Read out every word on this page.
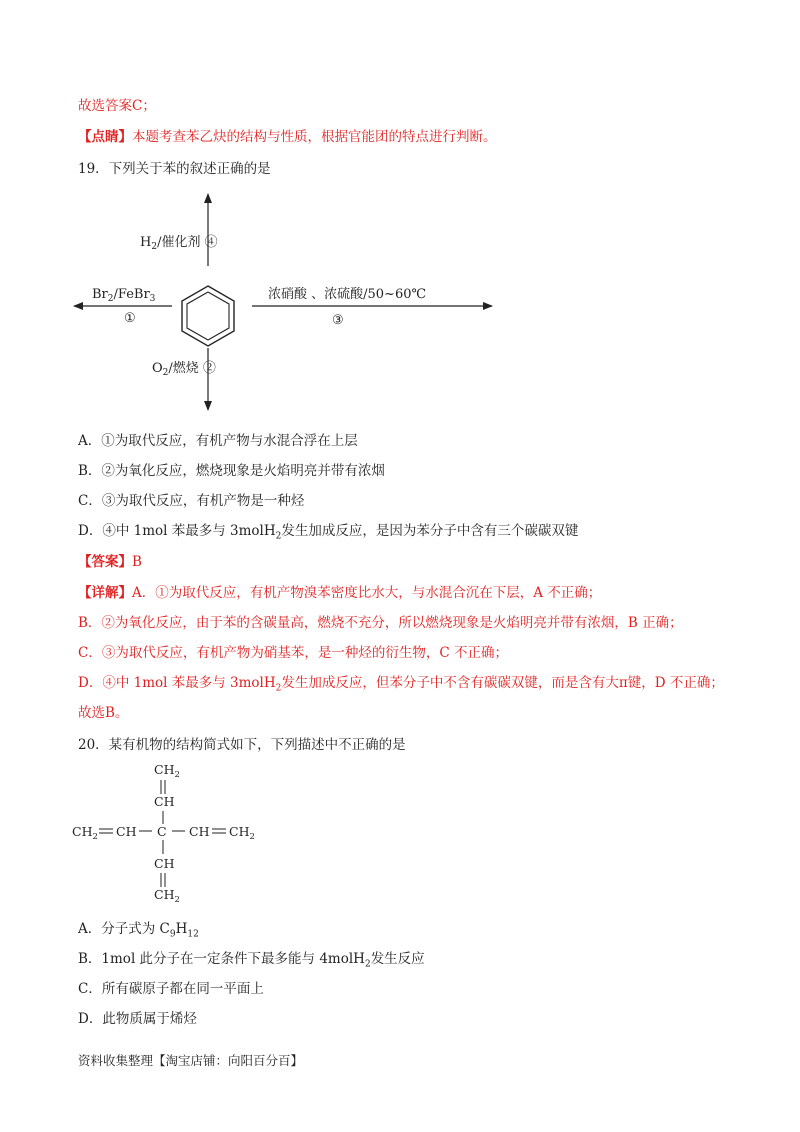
故选答案C；
【点睛】本题考查苯乙炔的结构与性质，根据官能团的特点进行判断。
19．下列关于苯的叙述正确的是
$H_2/$催化剂 ④
$Br_2/FeBr_3$
①
浓硝酸 、浓硫酸/50~60℃
③
$O_2/$燃烧 ②
$CH_2$
CH
$CH_2$ CH C CH $CH_2$
CH
$CH_2$
A．①为取代反应，有机产物与水混合浮在上层
B．②为氧化反应，燃烧现象是火焰明亮并带有浓烟
C．③为取代反应，有机产物是一种烃
D．④中 1mol 苯最多与 3molH$_2$发生加成反应，是因为苯分子中含有三个碳碳双键
【答案】B
【详解】A．①为取代反应，有机产物溴苯密度比水大，与水混合沉在下层，A 不正确；
B．②为氧化反应，由于苯的含碳量高，燃烧不充分，所以燃烧现象是火焰明亮并带有浓烟，B 正确；
C．③为取代反应，有机产物为硝基苯，是一种烃的衍生物，C 不正确；
D．④中 1mol 苯最多与 3molH$_2$发生加成反应，但苯分子中不含有碳碳双键，而是含有大π键，D 不正确；
故选B。
20．某有机物的结构简式如下，下列描述中不正确的是
A．分子式为 $C_9H_{12}$
B．1mol 此分子在一定条件下最多能与 4molH$_2$发生反应
C．所有碳原子都在同一平面上
D．此物质属于烯烃
资料收集整理【淘宝店铺：向阳百分百】
